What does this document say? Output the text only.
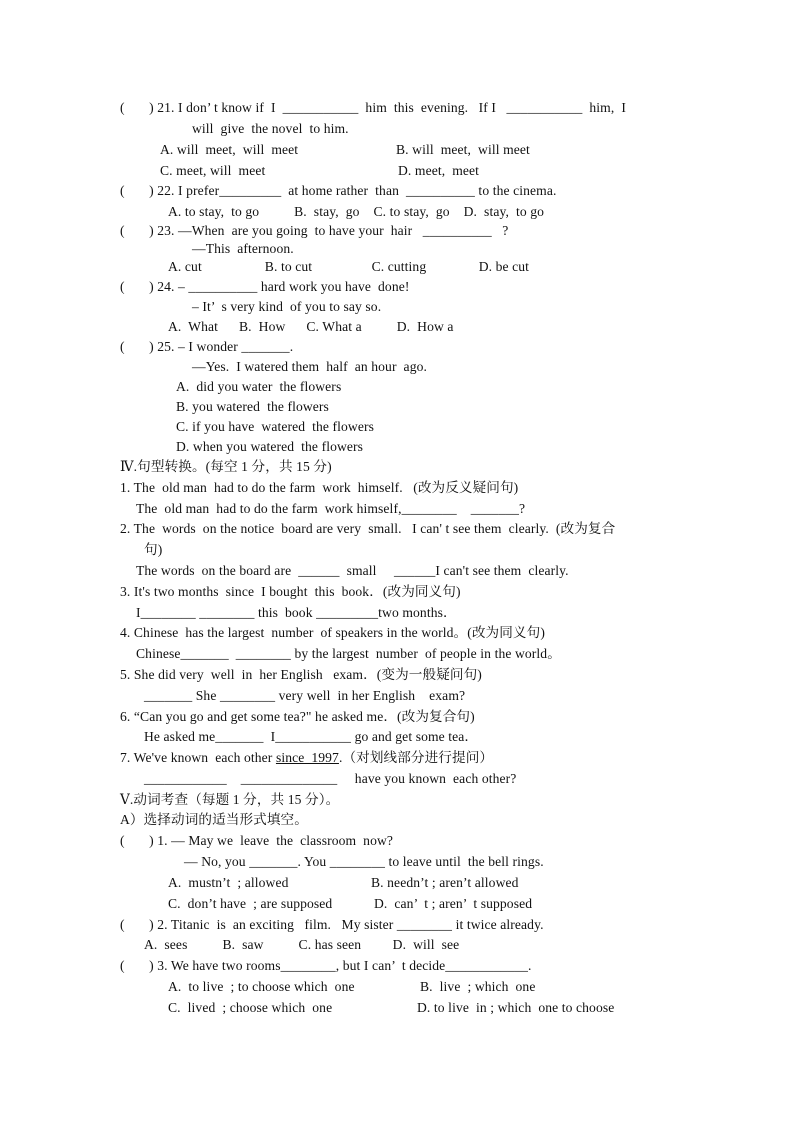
(       ) 21. I don’ t know if  I  ___________  him  this  evening.   If I   ___________  him,  I
will  give  the novel  to him.
A. will  meet,  will  meet	B. will  meet,  will meet
C. meet, will  meet	D. meet,  meet
(       ) 22. I prefer_________  at home rather  than  __________ to the cinema.
A. to stay,  to go          B.  stay,  go    C. to stay,  go    D.  stay,  to go
(       ) 23. —When  are you going  to have your  hair   __________   ?
—This  afternoon.
A. cut                  B. to cut                 C. cutting               D. be cut
(       ) 24. – __________ hard work you have  done!
– It’  s very kind  of you to say so.
A.  What      B.  How      C. What a          D.  How a
(       ) 25. – I wonder _______.
—Yes.  I watered them  half  an hour  ago.
A.  did you water  the flowers
B. you watered  the flowers
C. if you have  watered  the flowers
D. when you watered  the flowers
Ⅳ.句型转换。(每空 1 分，共 15 分)
1. The  old man  had to do the farm  work  himself.   (改为反义疑问句)
The  old man  had to do the farm  work himself,________    _______?
2. The  words  on the notice  board are very  small.   I can' t see them  clearly.  (改为复合
句)
The words  on the board are  ______  small     ______I can't see them  clearly.
3. It's two months  since  I bought  this  book．(改为同义句)
I________ ________ this  book _________two months．
4. Chinese  has the largest  number  of speakers in the world。(改为同义句)
Chinese_______  ________ by the largest  number  of people in the world。
5. She did very  well  in  her English   exam．(变为一般疑问句)
_______ She ________ very well  in her English    exam?
6. “Can you go and get some tea?" he asked me．(改为复合句)
He asked me_______  I___________ go and get some tea．
7. We've known  each other since  1997.（对划线部分进行提问）
____________    ______________     have you known  each other?
Ⅴ.动词考查（每题 1 分，共 15 分）。
A）选择动词的适当形式填空。
(       ) 1. — May we  leave  the  classroom  now?
— No, you _______. You ________ to leave until  the bell rings.
A.  mustn’t  ; allowed	B. needn’t ; aren’t allowed
C.  don’t have  ; are supposed	D.  can’  t ; aren’  t supposed
(       ) 2. Titanic  is  an exciting   film.   My sister ________ it twice already.
A.  sees          B.  saw          C. has seen         D.  will  see
(       ) 3. We have two rooms________, but I can’  t decide____________.
A.  to live  ; to choose which  one	B.  live  ; which  one
C.  lived  ; choose which  one	D. to live  in ; which  one to choose
